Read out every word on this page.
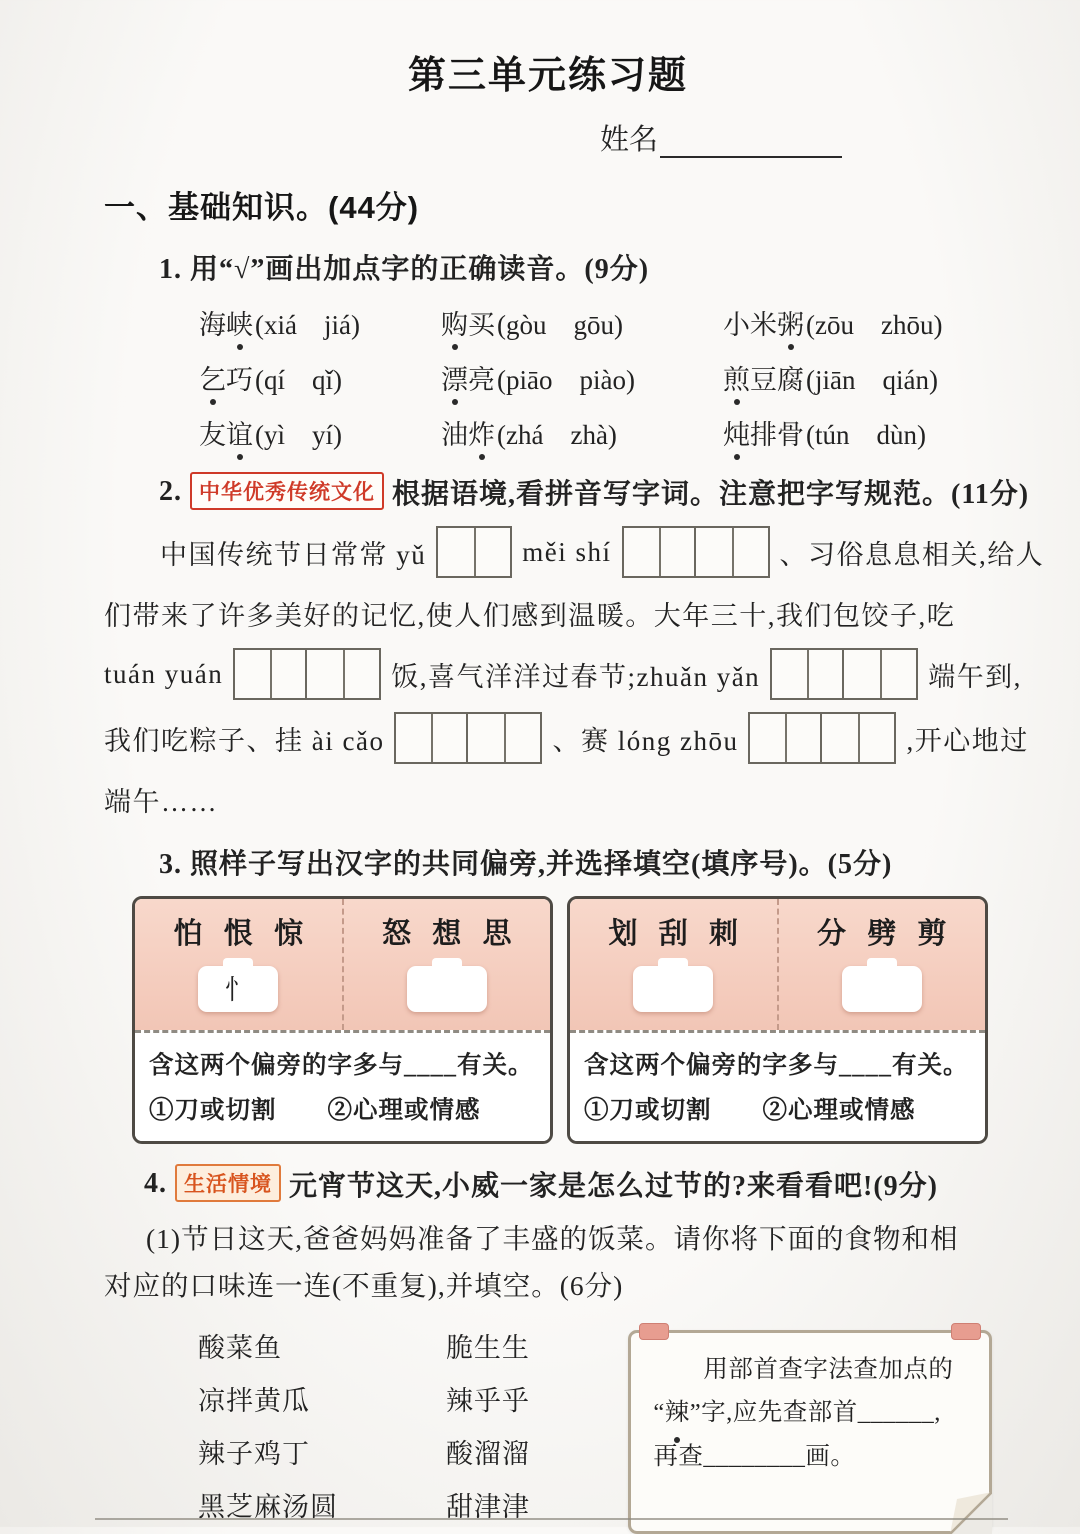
第三单元练习题
姓名
一、基础知识。(44分)
1. 用“√”画出加点字的正确读音。(9分)
海峡(xiá　jiá)	购买(gòu　gōu)	小米粥(zōu　zhōu)
乞巧(qí　qǐ)	漂亮(piāo　piào)	煎豆腐(jiān　qián)
友谊(yì　yí)	油炸(zhá　zhà)	炖排骨(tún　dùn)
2. 中华优秀传统文化 根据语境,看拼音写字词。注意把字写规范。(11分)
中国传统节日常常 yǔ	měi shí	、习俗息息相关,给人
们带来了许多美好的记忆,使人们感到温暖。大年三十,我们包饺子,吃
tuán yuán	饭,喜气洋洋过春节;zhuǎn yǎn	端午到,
我们吃粽子、挂 ài cǎo	、赛 lóng zhōu	,开心地过
端午……
3. 照样子写出汉字的共同偏旁,并选择填空(填序号)。(5分)
怕 恨 惊
忄
怒 想 思
含这两个偏旁的字多与____有关。
①刀或切割　　②心理或情感
划 刮 刺	分 劈 剪
含这两个偏旁的字多与____有关。
①刀或切割　　②心理或情感
4. 生活情境 元宵节这天,小威一家是怎么过节的?来看看吧!(9分)
(1)节日这天,爸爸妈妈准备了丰盛的饭菜。请你将下面的食物和相
对应的口味连一连(不重复),并填空。(6分)
酸菜鱼
凉拌黄瓜
辣子鸡丁
黑芝麻汤圆
脆生生
辣乎乎
酸溜溜
甜津津
用部首查字法查加点的
“辣”字,应先查部首______,
再查________画。
